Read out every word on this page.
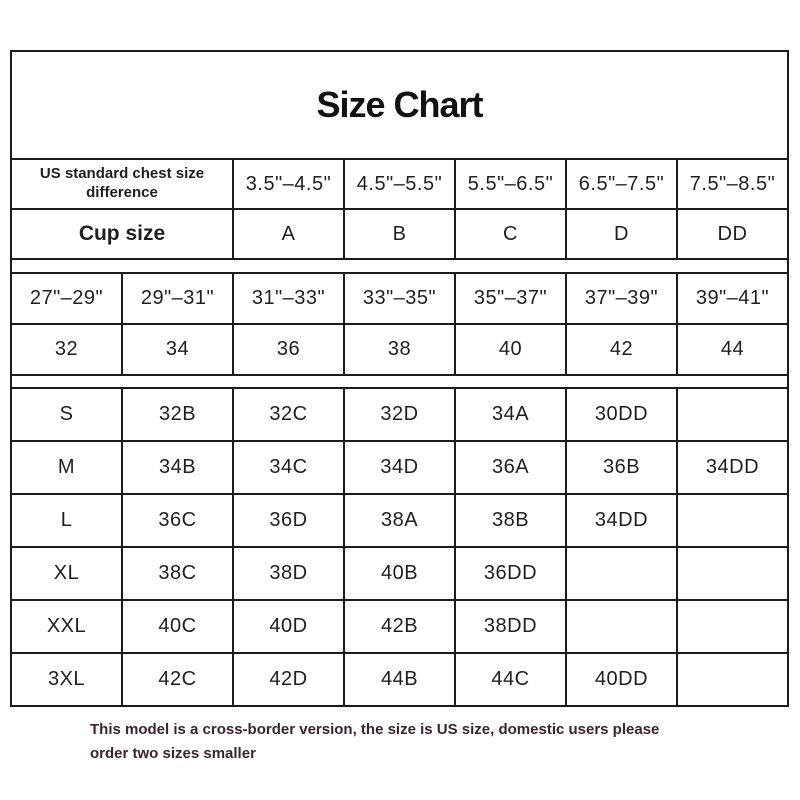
Size Chart
US standard chest size difference	3.5"–4.5"	4.5"–5.5"	5.5"–6.5"	6.5"–7.5"	7.5"–8.5"
Cup size	A	B	C	D	DD
27"–29"	29"–31"	31"–33"	33"–35"	35"–37"	37"–39"	39"–41"
32	34	36	38	40	42	44
S	32B	32C	32D	34A	30DD
M	34B	34C	34D	36A	36B	34DD
L	36C	36D	38A	38B	34DD
XL	38C	38D	40B	36DD
XXL	40C	40D	42B	38DD
3XL	42C	42D	44B	44C	40DD
This model is a cross-border version, the size is US size, domestic users please
order two sizes smaller
